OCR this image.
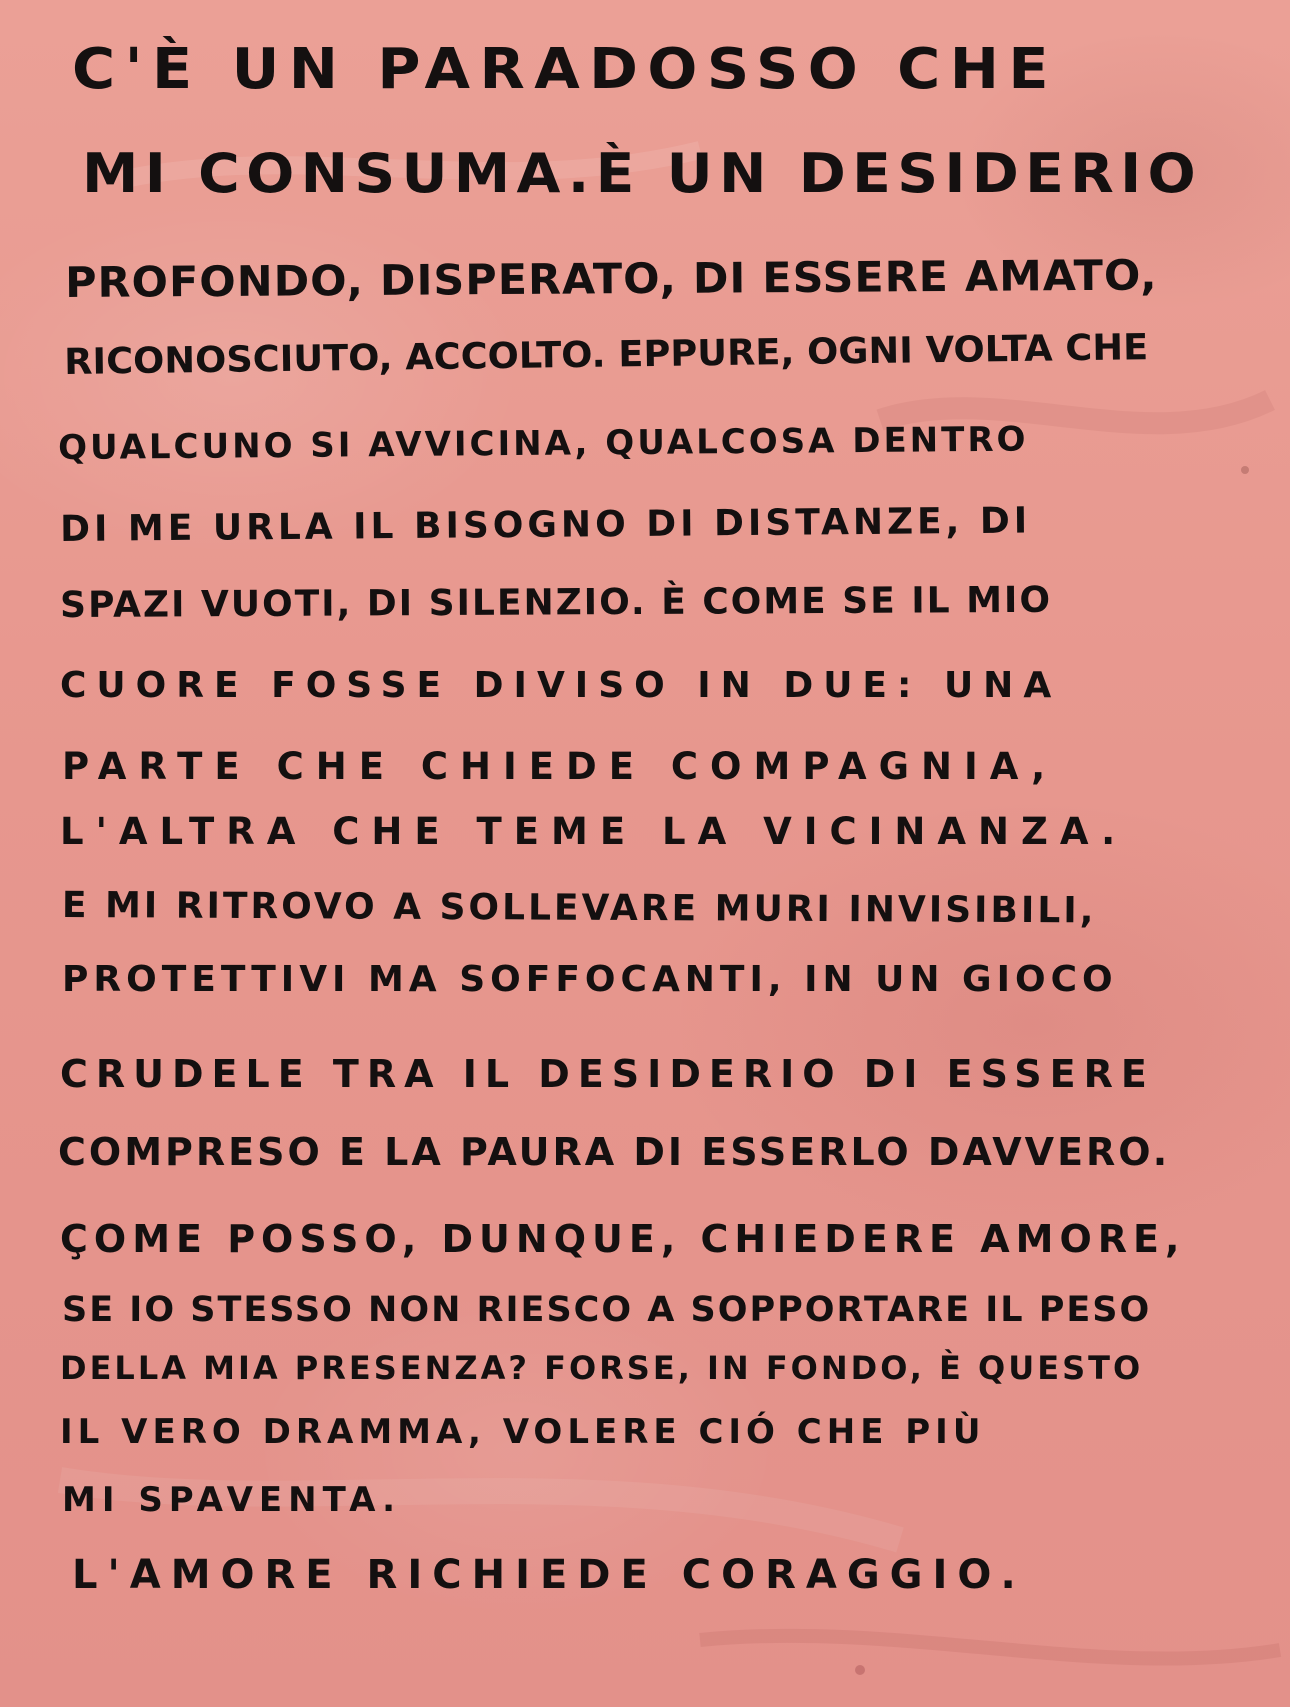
C'È UN PARADOSSO CHE
MI CONSUMA.È UN DESIDERIO
PROFONDO, DISPERATO, DI ESSERE AMATO,
RICONOSCIUTO, ACCOLTO. EPPURE, OGNI VOLTA CHE
QUALCUNO SI AVVICINA, QUALCOSA DENTRO
DI ME URLA IL BISOGNO DI DISTANZE, DI
SPAZI VUOTI, DI SILENZIO. È COME SE IL MIO
CUORE FOSSE DIVISO IN DUE: UNA
PARTE CHE CHIEDE COMPAGNIA,
L'ALTRA CHE TEME LA VICINANZA.
E MI RITROVO A SOLLEVARE MURI INVISIBILI,
PROTETTIVI MA SOFFOCANTI, IN UN GIOCO
CRUDELE TRA IL DESIDERIO DI ESSERE
COMPRESO E LA PAURA DI ESSERLO DAVVERO.
ÇOME POSSO, DUNQUE, CHIEDERE AMORE,
SE IO STESSO NON RIESCO A SOPPORTARE IL PESO
DELLA MIA PRESENZA? FORSE, IN FONDO, È QUESTO
IL VERO DRAMMA, VOLERE CIÓ CHE PIÙ
MI SPAVENTA.
L'AMORE RICHIEDE CORAGGIO.
